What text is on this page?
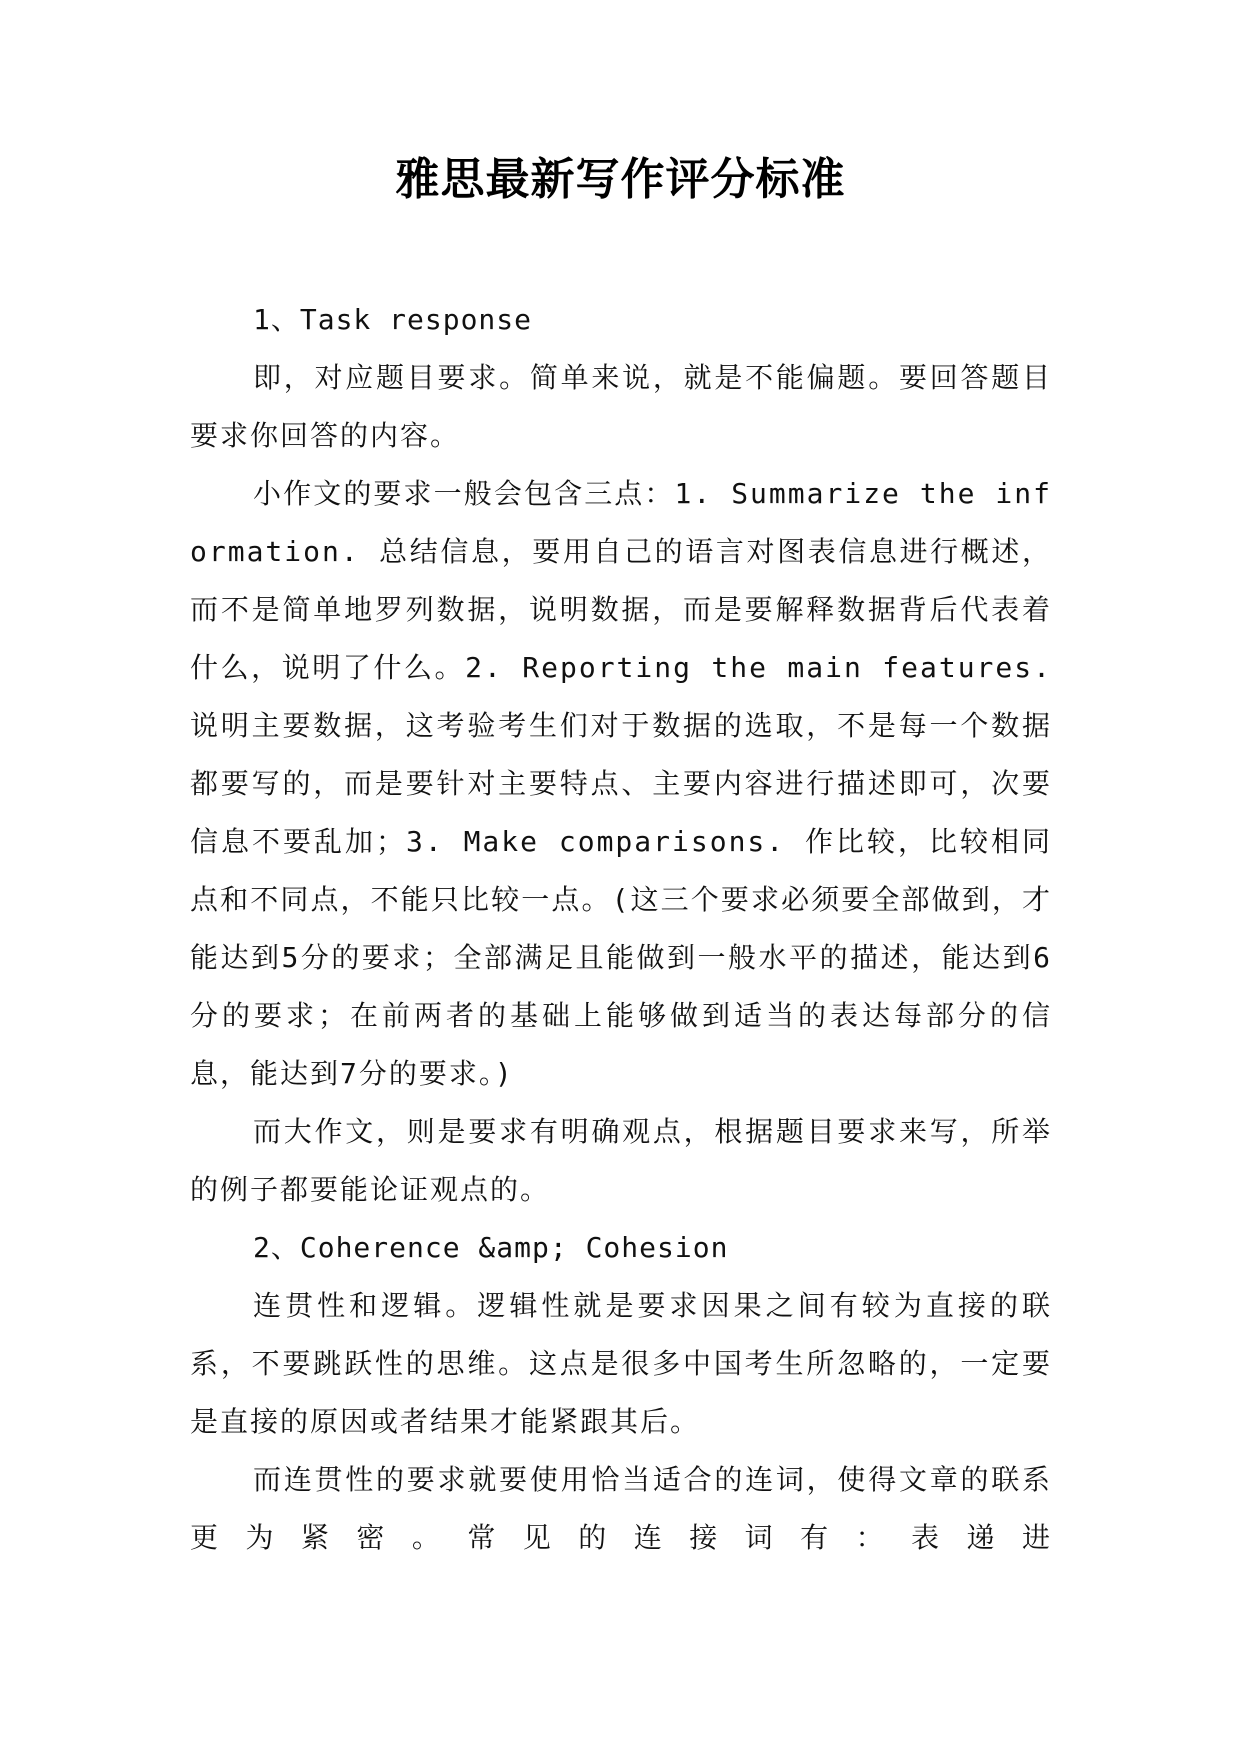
雅思最新写作评分标准

1、Task response

即，对应题目要求。简单来说，就是不能偏题。要回答题目要求你回答的内容。

小作文的要求一般会包含三点：1. Summarize the information. 总结信息，要用自己的语言对图表信息进行概述，而不是简单地罗列数据，说明数据，而是要解释数据背后代表着什么，说明了什么。2. Reporting the main features. 说明主要数据，这考验考生们对于数据的选取，不是每一个数据都要写的，而是要针对主要特点、主要内容进行描述即可，次要信息不要乱加；3. Make comparisons. 作比较，比较相同点和不同点，不能只比较一点。(这三个要求必须要全部做到，才能达到5分的要求；全部满足且能做到一般水平的描述，能达到6分的要求；在前两者的基础上能够做到适当的表达每部分的信息，能达到7分的要求。)

而大作文，则是要求有明确观点，根据题目要求来写，所举的例子都要能论证观点的。

2、Coherence &amp; Cohesion

连贯性和逻辑。逻辑性就是要求因果之间有较为直接的联系，不要跳跃性的思维。这点是很多中国考生所忽略的，一定要是直接的原因或者结果才能紧跟其后。

而连贯性的要求就要使用恰当适合的连词，使得文章的联系更为紧密。常见的连接词有：表递进
